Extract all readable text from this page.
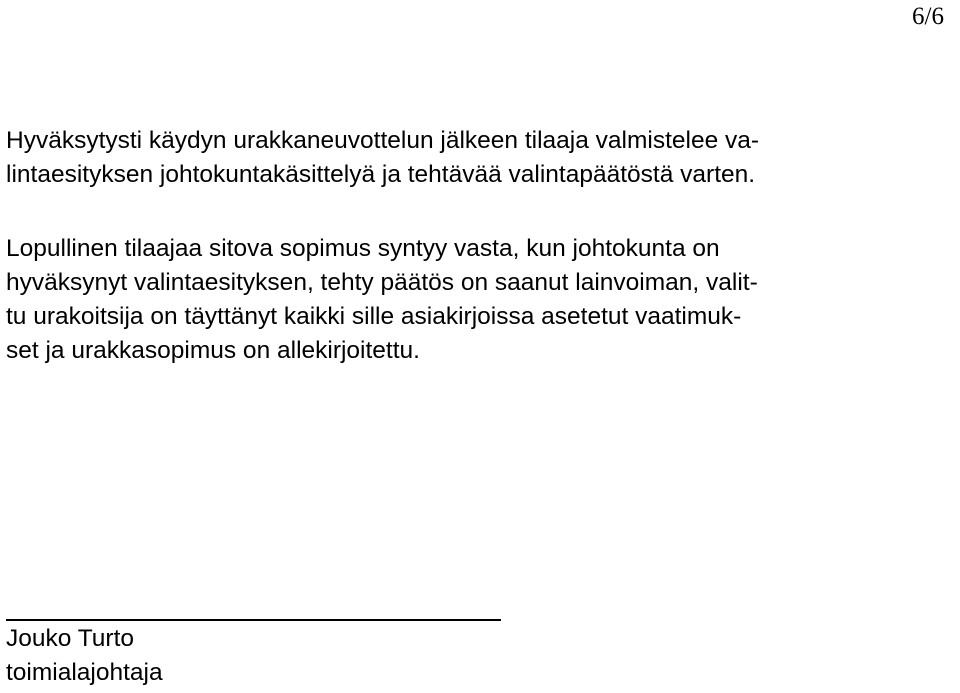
6/6

Hyväksytysti käydyn urakkaneuvottelun jälkeen tilaaja valmistelee va-
lintaesityksen johtokuntakäsittelyä ja tehtävää valintapäätöstä varten.

Lopullinen tilaajaa sitova sopimus syntyy vasta, kun johtokunta on
hyväksynyt valintaesityksen, tehty päätös on saanut lainvoiman, valit-
tu urakoitsija on täyttänyt kaikki sille asiakirjoissa asetetut vaatimuk-
set ja urakkasopimus on allekirjoitettu.

Jouko Turto
toimialajohtaja
